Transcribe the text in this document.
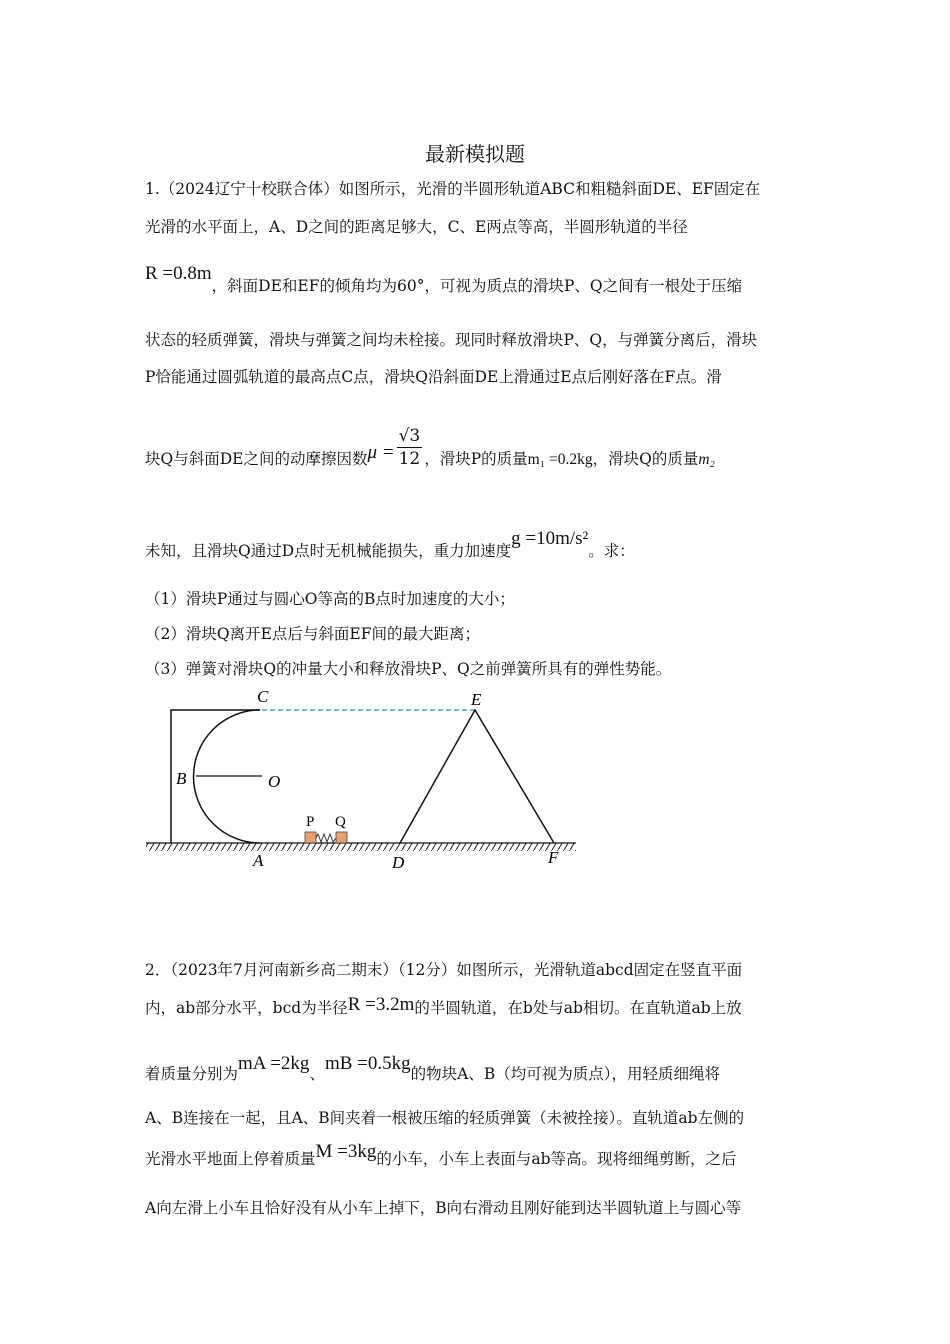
最新模拟题
1.（2024辽宁十校联合体）如图所示，光滑的半圆形轨道ABC和粗糙斜面DE、EF固定在
光滑的水平面上，A、D之间的距离足够大，C、E两点等高，半圆形轨道的半径
R =0.8m，斜面DE和EF的倾角均为60°，可视为质点的滑块P、Q之间有一根处于压缩
状态的轻质弹簧，滑块与弹簧之间均未栓接。现同时释放滑块P、Q，与弹簧分离后，滑块
P恰能通过圆弧轨道的最高点C点，滑块Q沿斜面DE上滑通过E点后刚好落在F点。滑
块Q与斜面DE之间的动摩擦因数$\mu = \frac{√3}{12}$ ，滑块P的质量m₁ =0.2kg，滑块Q的质量m₂
未知，且滑块Q通过D点时无机械能损失，重力加速度g =10m/s²。求：
（1）滑块P通过与圆心O等高的B点时加速度的大小；
（2）滑块Q离开E点后与斜面EF间的最大距离；
（3）弹簧对滑块Q的冲量大小和释放滑块P、Q之前弹簧所具有的弹性势能。
C
B	O
A
P Q
D
E
F
2．（2023年7月河南新乡高二期末）（12分）如图所示，光滑轨道abcd固定在竖直平面
内，ab部分水平，bcd为半径R =3.2m的半圆轨道，在b处与ab相切。在直轨道ab上放
着质量分别为mA =2kg、mB =0.5kg的物块A、B（均可视为质点），用轻质细绳将
A、B连接在一起，且A、B间夹着一根被压缩的轻质弹簧（未被拴接）。直轨道ab左侧的
光滑水平地面上停着质量M =3kg的小车，小车上表面与ab等高。现将细绳剪断，之后
A向左滑上小车且恰好没有从小车上掉下，B向右滑动且刚好能到达半圆轨道上与圆心等
